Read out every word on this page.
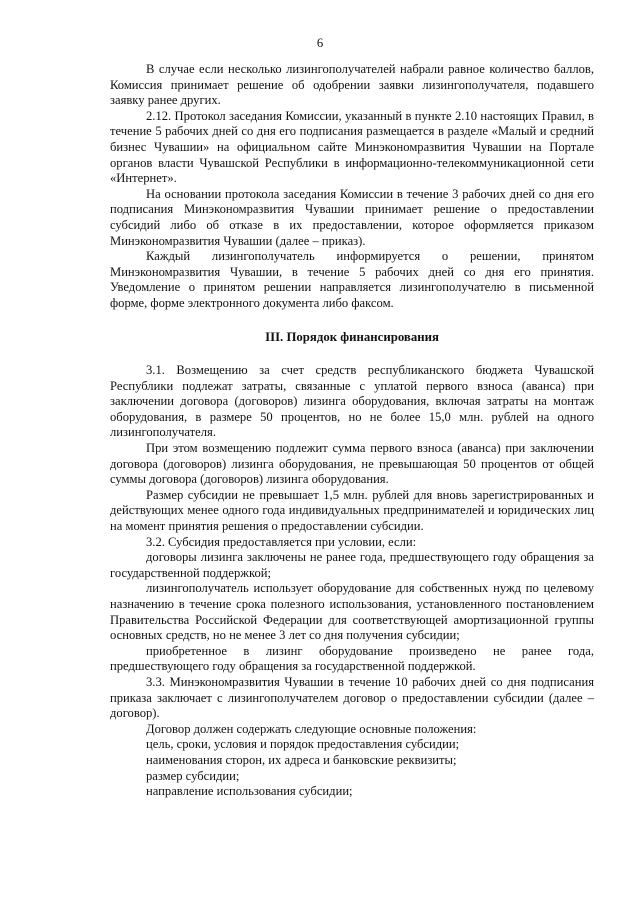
6

В случае если несколько лизингополучателей набрали равное количество баллов, Комиссия принимает решение об одобрении заявки лизингополучателя, подавшего заявку ранее других.

2.12. Протокол заседания Комиссии, указанный в пункте 2.10 настоящих Правил, в течение 5 рабочих дней со дня его подписания размещается в разделе «Малый и средний бизнес Чувашии» на официальном сайте Минэкономразвития Чувашии на Портале органов власти Чувашской Республики в информационно-телекоммуникационной сети «Интернет».

На основании протокола заседания Комиссии в течение 3 рабочих дней со дня его подписания Минэкономразвития Чувашии принимает решение о предоставлении субсидий либо об отказе в их предоставлении, которое оформляется приказом Минэкономразвития Чувашии (далее – приказ).

Каждый лизингополучатель информируется о решении, принятом Минэкономразвития Чувашии, в течение 5 рабочих дней со дня его принятия. Уведомление о принятом решении направляется лизингополучателю в письменной форме, форме электронного документа либо факсом.

III. Порядок финансирования

3.1. Возмещению за счет средств республиканского бюджета Чувашской Республики подлежат затраты, связанные с уплатой первого взноса (аванса) при заключении договора (договоров) лизинга оборудования, включая затраты на монтаж оборудования, в размере 50 процентов, но не более 15,0 млн. рублей на одного лизингополучателя.

При этом возмещению подлежит сумма первого взноса (аванса) при заключении договора (договоров) лизинга оборудования, не превышающая 50 процентов от общей суммы договора (договоров) лизинга оборудования.

Размер субсидии не превышает 1,5 млн. рублей для вновь зарегистрированных и действующих менее одного года индивидуальных предпринимателей и юридических лиц на момент принятия решения о предоставлении субсидии.

3.2. Субсидия предоставляется при условии, если:

договоры лизинга заключены не ранее года, предшествующего году обращения за государственной поддержкой;

лизингополучатель использует оборудование для собственных нужд по целевому назначению в течение срока полезного использования, установленного постановлением Правительства Российской Федерации для соответствующей амортизационной группы основных средств, но не менее 3 лет со дня получения субсидии;

приобретенное в лизинг оборудование произведено не ранее года, предшествующего году обращения за государственной поддержкой.

3.3. Минэкономразвития Чувашии в течение 10 рабочих дней со дня подписания приказа заключает с лизингополучателем договор о предоставлении субсидии (далее – договор).

Договор должен содержать следующие основные положения:

цель, сроки, условия и порядок предоставления субсидии;

наименования сторон, их адреса и банковские реквизиты;

размер субсидии;

направление использования субсидии;
